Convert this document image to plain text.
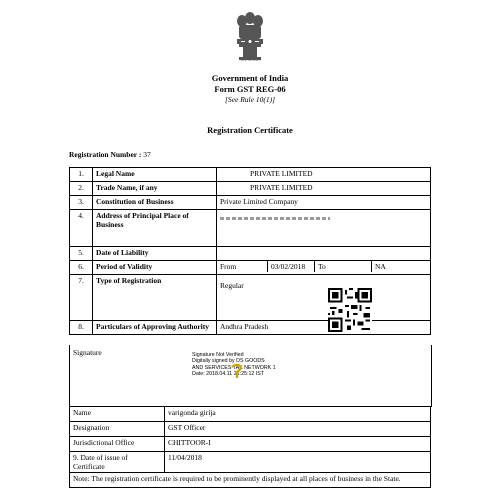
सत्यमेव जयते
Government of India
Form GST REG-06
[See Rule 10(1)]
Registration Certificate
Registration Number : 37
1.	Legal Name	PRIVATE LIMITED
2.	Trade Name, if any	PRIVATE LIMITED
3.	Constitution of Business	Private Limited Company
4.	Address of Principal Place of Business	
5.	Date of Liability	
6.	Period of Validity	From 03/02/2018 To NA

7.	Type of Registration	Regular

8.	Particulars of Approving Authority	Andhra Pradesh
Signature	Signature Not Verified
Digitally signed by DS GOODS
AND SERVICES TAX NETWORK 1
Date: 2018.04.11 21:25:12 IST
Name	varigonda girija
Designation	GST Officer
Jurisdictional Office	CHITTOOR-I
9. Date of issue of Certificate	11/04/2018
Note: The registration certificate is required to be prominently displayed at all places of business in the State.	
